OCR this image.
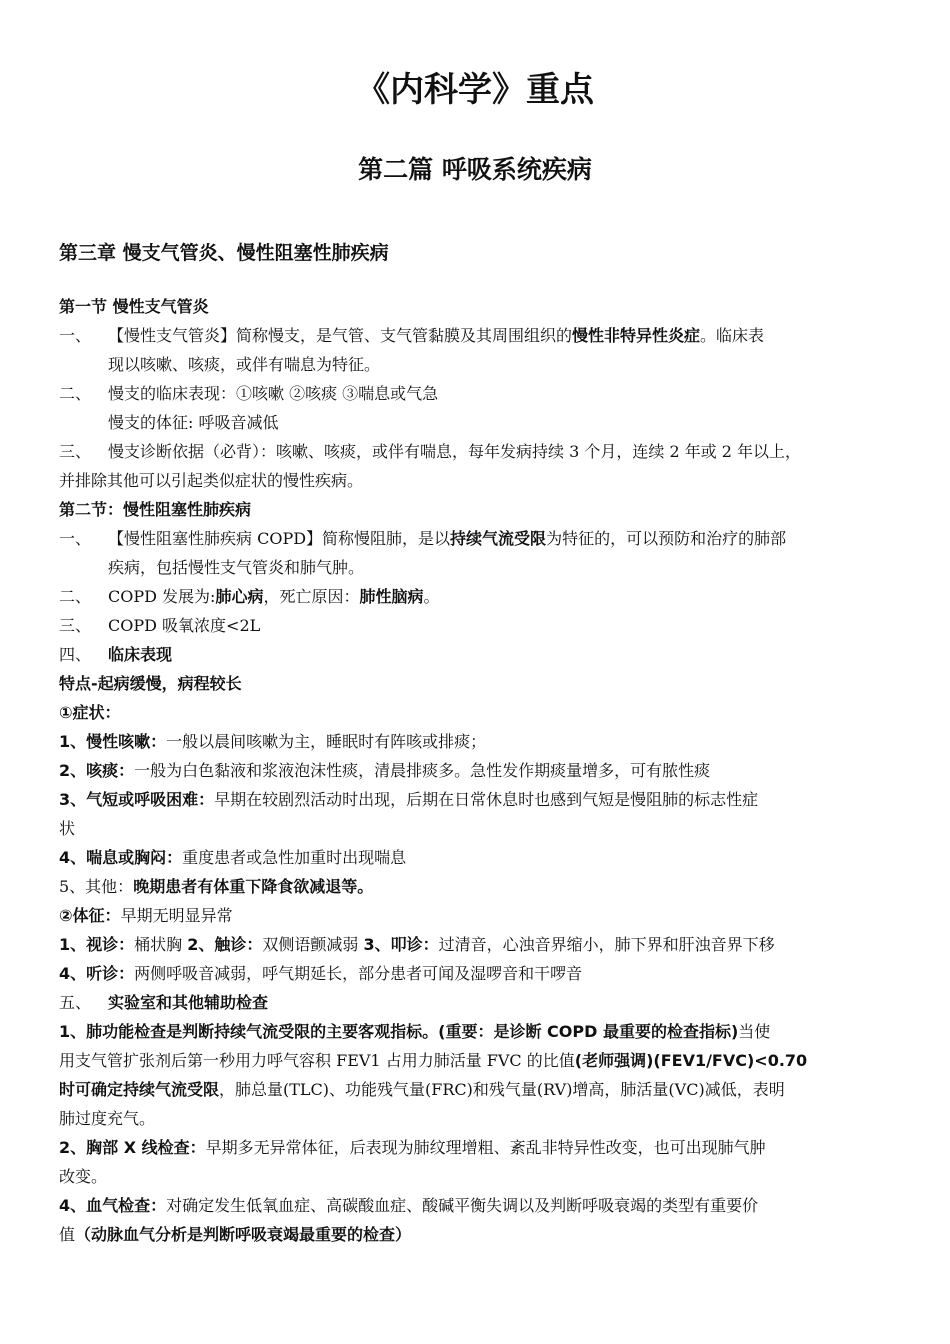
《内科学》重点
第二篇 呼吸系统疾病
第三章 慢支气管炎、慢性阻塞性肺疾病
第一节 慢性支气管炎
一、 【慢性支气管炎】简称慢支，是气管、支气管黏膜及其周围组织的慢性非特异性炎症。临床表
现以咳嗽、咳痰，或伴有喘息为特征。
二、 慢支的临床表现：①咳嗽 ②咳痰 ③喘息或气急
慢支的体征: 呼吸音减低
三、 慢支诊断依据（必背）：咳嗽、咳痰，或伴有喘息，每年发病持续 3 个月，连续 2 年或 2 年以上，
并排除其他可以引起类似症状的慢性疾病。
第二节：慢性阻塞性肺疾病
一、 【慢性阻塞性肺疾病 COPD】简称慢阻肺，是以持续气流受限为特征的，可以预防和治疗的肺部
疾病，包括慢性支气管炎和肺气肿。
二、 COPD 发展为:肺心病，死亡原因：肺性脑病。
三、 COPD 吸氧浓度<2L
四、 临床表现
特点-起病缓慢，病程较长
①症状：
1、慢性咳嗽：一般以晨间咳嗽为主，睡眠时有阵咳或排痰；
2、咳痰：一般为白色黏液和浆液泡沫性痰，清晨排痰多。急性发作期痰量增多，可有脓性痰
3、气短或呼吸困难：早期在较剧烈活动时出现，后期在日常休息时也感到气短是慢阻肺的标志性症
状
4、喘息或胸闷：重度患者或急性加重时出现喘息
5、其他：晚期患者有体重下降食欲减退等。
②体征：早期无明显异常
1、视诊：桶状胸 2、触诊：双侧语颤减弱 3、叩诊：过清音，心浊音界缩小，肺下界和肝浊音界下移
4、听诊：两侧呼吸音减弱，呼气期延长，部分患者可闻及湿啰音和干啰音
五、 实验室和其他辅助检查
1、肺功能检查是判断持续气流受限的主要客观指标。(重要：是诊断 COPD 最重要的检查指标)当使
用支气管扩张剂后第一秒用力呼气容积 FEV1 占用力肺活量 FVC 的比值(老师强调)(FEV1/FVC)<0.70
时可确定持续气流受限，肺总量(TLC)、功能残气量(FRC)和残气量(RV)增高，肺活量(VC)减低，表明
肺过度充气。
2、胸部 X 线检查：早期多无异常体征，后表现为肺纹理增粗、紊乱非特异性改变，也可出现肺气肿
改变。
4、血气检查：对确定发生低氧血症、高碳酸血症、酸碱平衡失调以及判断呼吸衰竭的类型有重要价
值（动脉血气分析是判断呼吸衰竭最重要的检查）
